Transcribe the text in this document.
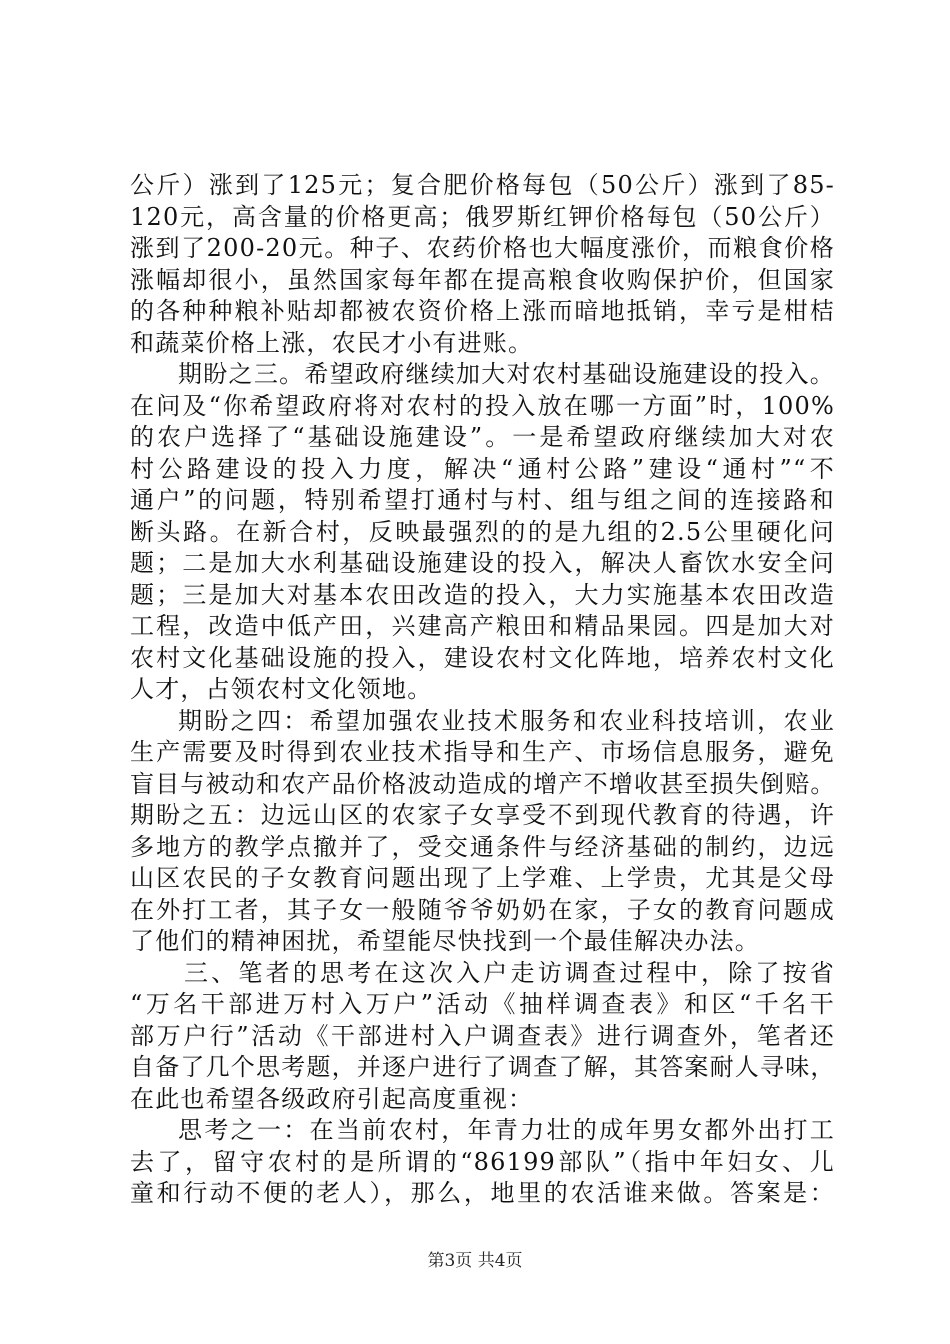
公斤）涨到了125元；复合肥价格每包（50公斤）涨到了85-
120元，高含量的价格更高；俄罗斯红钾价格每包（50公斤）
涨到了200-20元。种子、农药价格也大幅度涨价，而粮食价格
涨幅却很小，虽然国家每年都在提高粮食收购保护价，但国家
的各种种粮补贴却都被农资价格上涨而暗地抵销，幸亏是柑桔
和蔬菜价格上涨，农民才小有进账。
期盼之三。希望政府继续加大对农村基础设施建设的投入。
在问及“你希望政府将对农村的投入放在哪一方面”时，100%
的农户选择了“基础设施建设”。一是希望政府继续加大对农
村公路建设的投入力度，解决“通村公路”建设“通村”“不
通户”的问题，特别希望打通村与村、组与组之间的连接路和
断头路。在新合村，反映最强烈的的是九组的2.5公里硬化问
题；二是加大水利基础设施建设的投入，解决人畜饮水安全问
题；三是加大对基本农田改造的投入，大力实施基本农田改造
工程，改造中低产田，兴建高产粮田和精品果园。四是加大对
农村文化基础设施的投入，建设农村文化阵地，培养农村文化
人才，占领农村文化领地。
期盼之四：希望加强农业技术服务和农业科技培训，农业
生产需要及时得到农业技术指导和生产、市场信息服务，避免
盲目与被动和农产品价格波动造成的增产不增收甚至损失倒赔。
期盼之五：边远山区的农家子女享受不到现代教育的待遇，许
多地方的教学点撤并了，受交通条件与经济基础的制约，边远
山区农民的子女教育问题出现了上学难、上学贵，尤其是父母
在外打工者，其子女一般随爷爷奶奶在家，子女的教育问题成
了他们的精神困扰，希望能尽快找到一个最佳解决办法。
三、笔者的思考在这次入户走访调查过程中，除了按省
“万名干部进万村入万户”活动《抽样调查表》和区“千名干
部万户行”活动《干部进村入户调查表》进行调查外，笔者还
自备了几个思考题，并逐户进行了调查了解，其答案耐人寻味，
在此也希望各级政府引起高度重视：
思考之一：在当前农村，年青力壮的成年男女都外出打工
去了，留守农村的是所谓的“86199部队”（指中年妇女、儿
童和行动不便的老人），那么，地里的农活谁来做。答案是：
第3页 共4页
